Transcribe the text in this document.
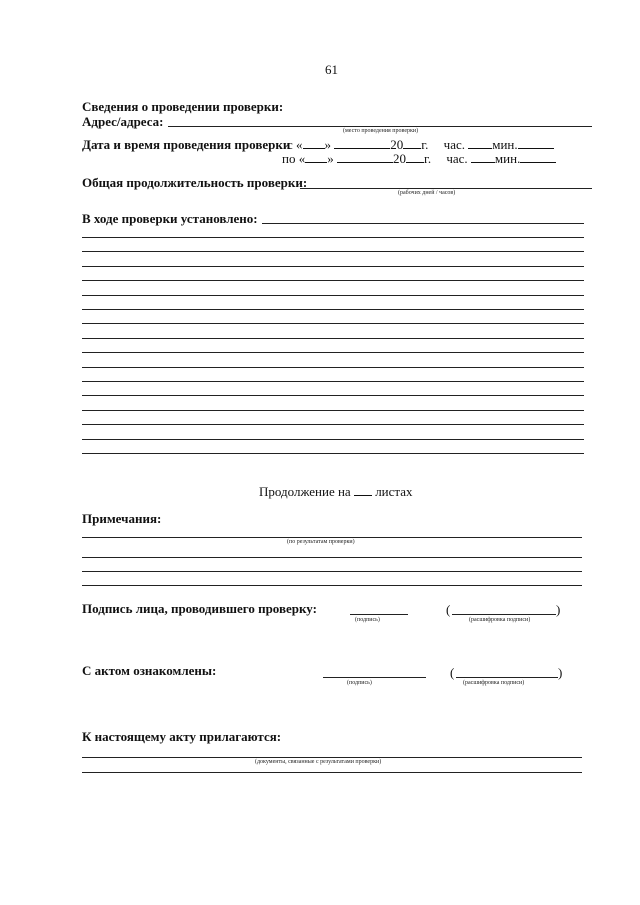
61
Сведения о проведении проверки:
Адрес/адреса:
(место проведения проверки)
Дата и время проведения проверки
с « »	20 г. час. мин.
по « »	20 г. час. мин.
Общая продолжительность проверки:
(рабочих дней / часов)
В ходе проверки установлено:
Продолжение на листах
Примечания:
(по результатам проверки)
Подпись лица, проводившего проверку:
(подпись)
(	)
(расшифровка подписи)
С актом ознакомлены:
(подпись)
(	)
(расшифровка подписи)
К настоящему акту прилагаются:
(документы, связанные с результатами проверки)
